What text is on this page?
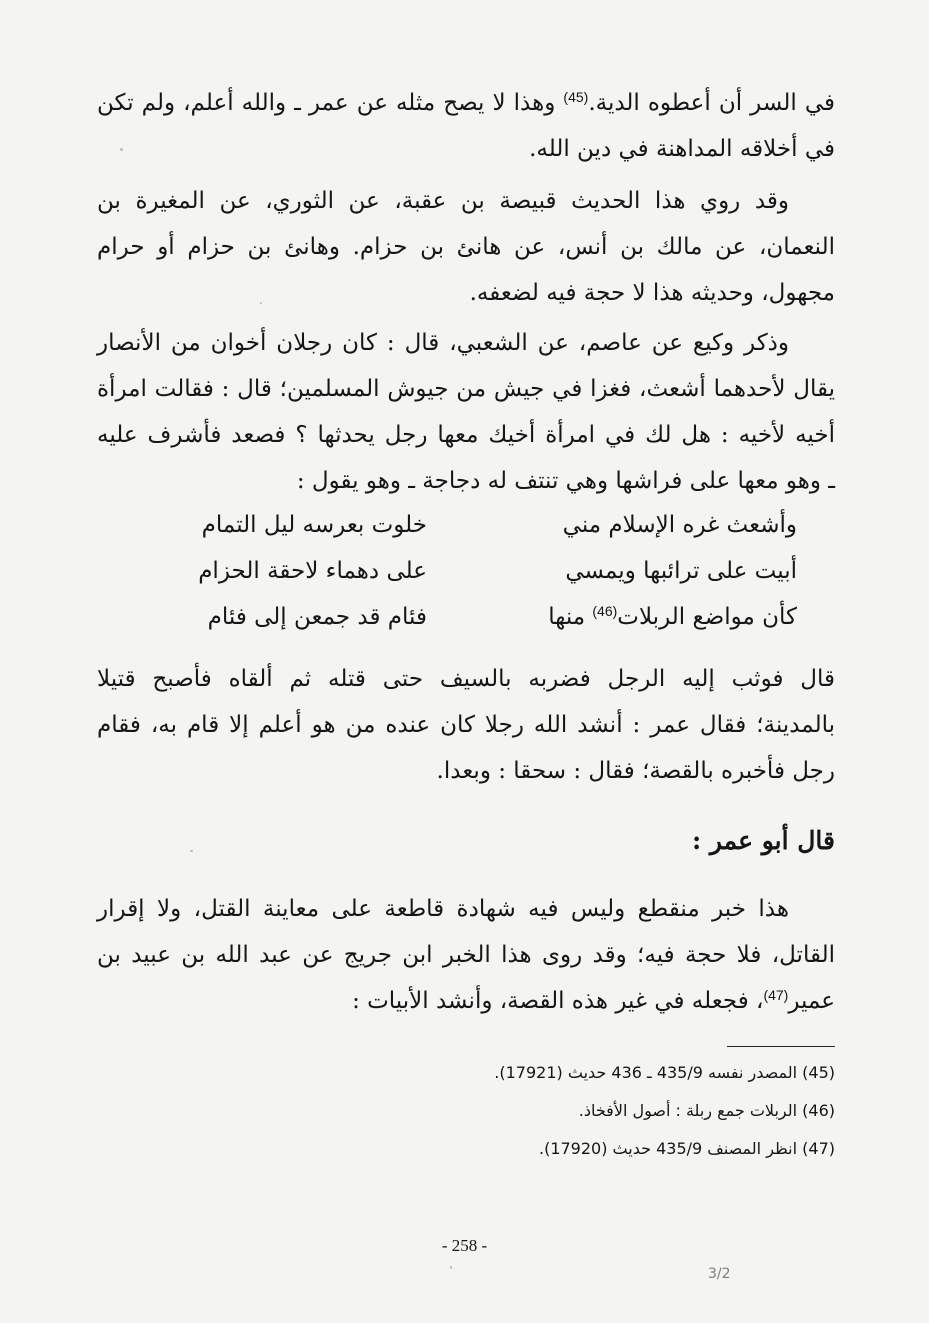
في السر أن أعطوه الدية.$^{(45)}$ وهذا لا يصح مثله عن عمر ـ والله أعلم، ولم تكن
في أخلاقه المداهنة في دين الله.
وقد روي هذا الحديث قبيصة بن عقبة، عن الثوري، عن المغيرة بن
النعمان، عن مالك بن أنس، عن هانئ بن حزام. وهانئ بن حزام أو حرام
مجهول، وحديثه هذا لا حجة فيه لضعفه.
وذكر وكيع عن عاصم، عن الشعبي، قال : كان رجلان أخوان من الأنصار
يقال لأحدهما أشعث، فغزا في جيش من جيوش المسلمين؛ قال : فقالت امرأة
أخيه لأخيه : هل لك في امرأة أخيك معها رجل يحدثها ؟ فصعد فأشرف عليه
ـ وهو معها على فراشها وهي تنتف له دجاجة ـ وهو يقول :
وأشعث غره الإسلام مني
خلوت بعرسه ليل التمام
أبيت على ترائبها ويمسي
على دهماء لاحقة الحزام
كأن مواضع الربلات$^{(46)}$ منها
فئام قد جمعن إلى فئام
قال فوثب إليه الرجل فضربه بالسيف حتى قتله ثم ألقاه فأصبح قتيلا
بالمدينة؛ فقال عمر : أنشد الله رجلا كان عنده من هو أعلم إلا قام به، فقام
رجل فأخبره بالقصة؛ فقال : سحقا : وبعدا.
قال أبو عمر :
هذا خبر منقطع وليس فيه شهادة قاطعة على معاينة القتل، ولا إقرار
القاتل، فلا حجة فيه؛ وقد روى هذا الخبر ابن جريج عن عبد الله بن عبيد بن
عمير$^{(47)}$، فجعله في غير هذه القصة، وأنشد الأبيات :
(45) المصدر نفسه 435/9 ـ 436 حديث (17921).
(46) الربلات جمع ربلة : أصول الأفخاذ.
(47) انظر المصنف 435/9 حديث (17920).
- 258 -
3/2
